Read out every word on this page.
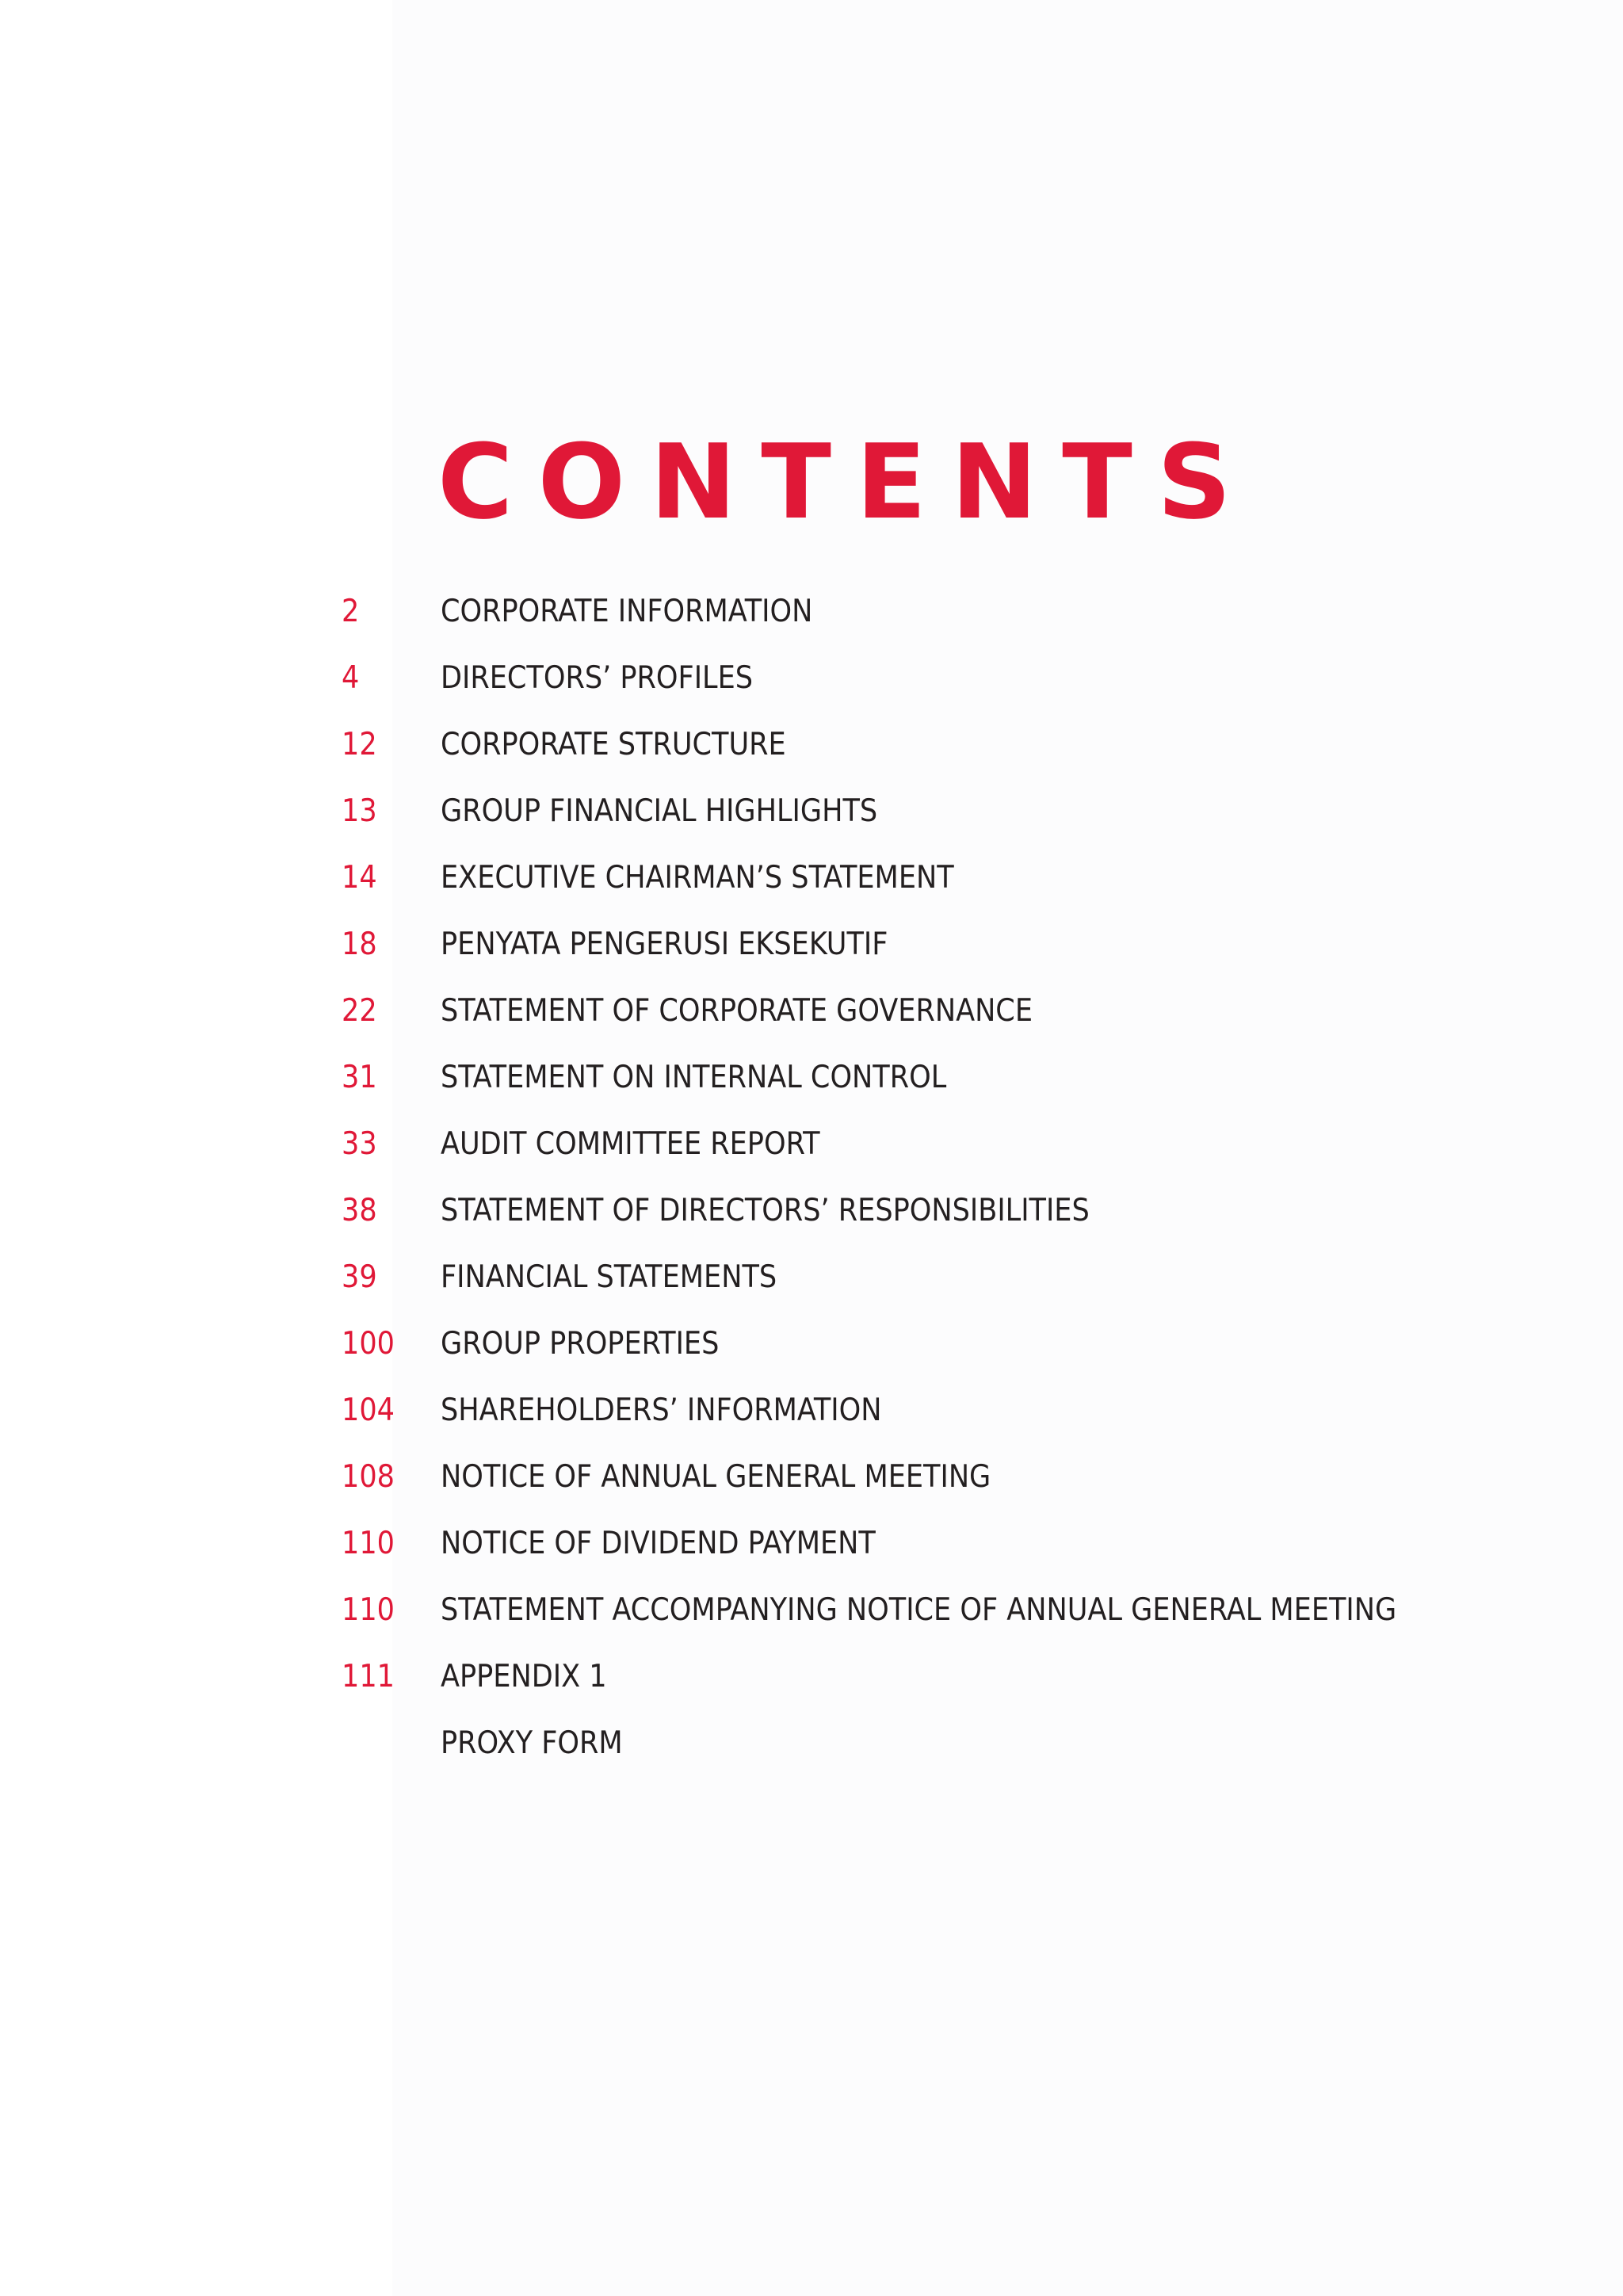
CONTENTS
2	CORPORATE INFORMATION
4	DIRECTORS’ PROFILES
12 CORPORATE STRUCTURE
13 GROUP FINANCIAL HIGHLIGHTS
14 EXECUTIVE CHAIRMAN’S STATEMENT
18 PENYATA PENGERUSI EKSEKUTIF
22 STATEMENT OF CORPORATE GOVERNANCE
31 STATEMENT ON INTERNAL CONTROL
33 AUDIT COMMITTEE REPORT
38 STATEMENT OF DIRECTORS’ RESPONSIBILITIES
39 FINANCIAL STATEMENTS
100 GROUP PROPERTIES
104 SHAREHOLDERS’ INFORMATION
108 NOTICE OF ANNUAL GENERAL MEETING
110 NOTICE OF DIVIDEND PAYMENT
110 STATEMENT ACCOMPANYING NOTICE OF ANNUAL GENERAL MEETING
111 APPENDIX 1
PROXY FORM
